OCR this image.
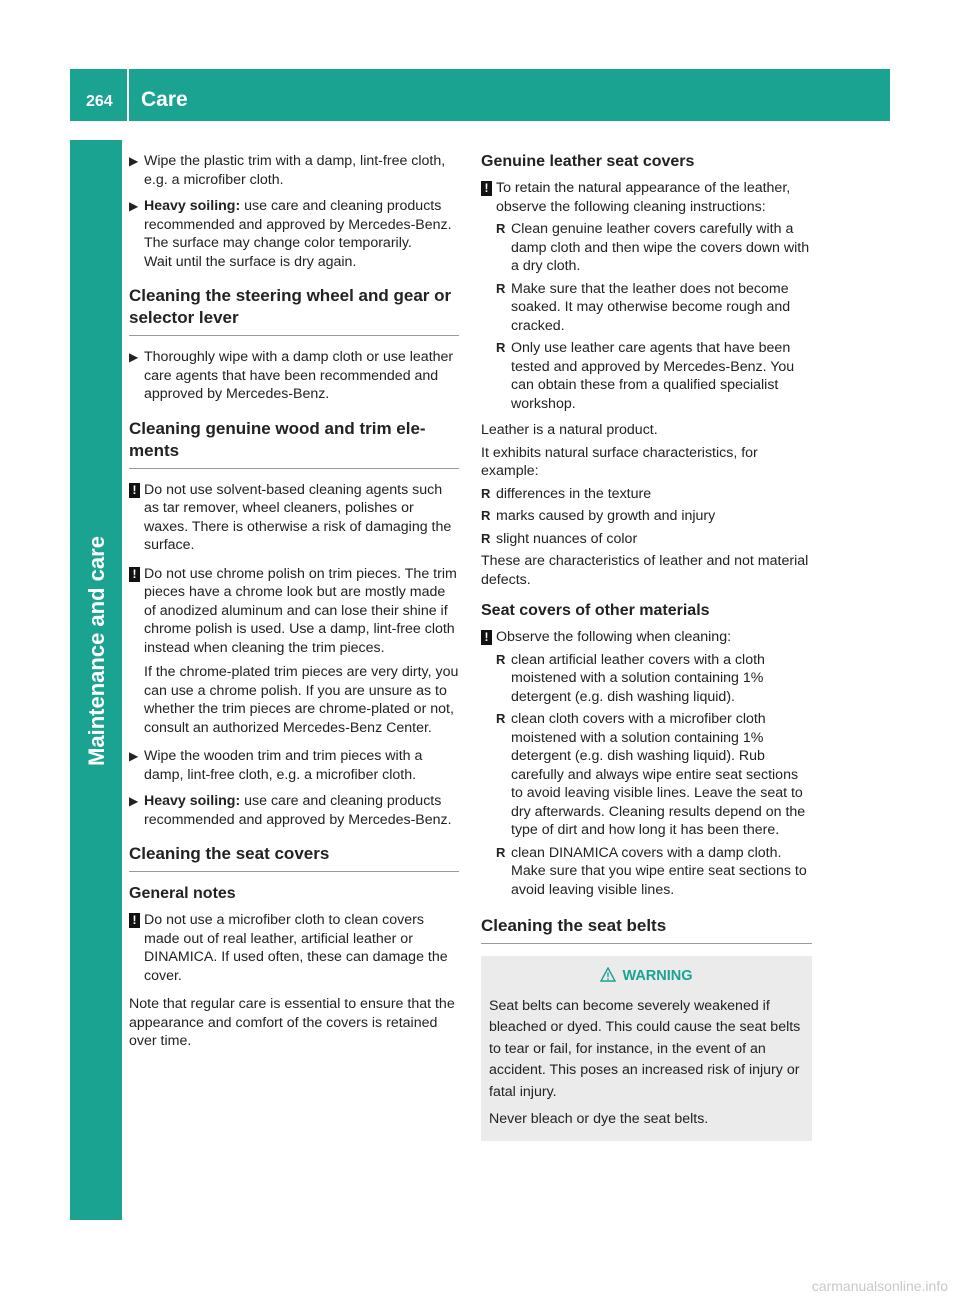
264 Care
Maintenance and care
▶ Wipe the plastic trim with a damp, lint-free cloth, e.g. a microfiber cloth.

▶ Heavy soiling: use care and cleaning products recommended and approved by Mercedes-Benz.

The surface may change color temporarily.

Wait until the surface is dry again.

Cleaning the steering wheel and gear or selector lever
▶ Thoroughly wipe with a damp cloth or use leather care agents that have been recommended and approved by Mercedes-Benz.

Cleaning genuine wood and trim elements
! Do not use solvent-based cleaning agents such as tar remover, wheel cleaners, polishes or waxes. There is otherwise a risk of damaging the surface.

! Do not use chrome polish on trim pieces. The trim pieces have a chrome look but are mostly made of anodized aluminum and can lose their shine if chrome polish is used. Use a damp, lint-free cloth instead when cleaning the trim pieces.

If the chrome-plated trim pieces are very dirty, you can use a chrome polish. If you are unsure as to whether the trim pieces are chrome-plated or not, consult an authorized Mercedes-Benz Center.

▶ Wipe the wooden trim and trim pieces with a damp, lint-free cloth, e.g. a microfiber cloth.

▶ Heavy soiling: use care and cleaning products recommended and approved by Mercedes-Benz.

Cleaning the seat covers
General notes
! Do not use a microfiber cloth to clean covers made out of real leather, artificial leather or DINAMICA. If used often, these can damage the cover.

Note that regular care is essential to ensure that the appearance and comfort of the covers is retained over time.

Genuine leather seat covers
! To retain the natural appearance of the leather, observe the following cleaning instructions:

R Clean genuine leather covers carefully with a damp cloth and then wipe the covers down with a dry cloth.

R Make sure that the leather does not become soaked. It may otherwise become rough and cracked.

R Only use leather care agents that have been tested and approved by Mercedes-Benz. You can obtain these from a qualified specialist workshop.

Leather is a natural product.

It exhibits natural surface characteristics, for example:

R differences in the texture

R marks caused by growth and injury

R slight nuances of color

These are characteristics of leather and not material defects.

Seat covers of other materials
! Observe the following when cleaning:

R clean artificial leather covers with a cloth moistened with a solution containing 1% detergent (e.g. dish washing liquid).

R clean cloth covers with a microfiber cloth moistened with a solution containing 1% detergent (e.g. dish washing liquid). Rub carefully and always wipe entire seat sections to avoid leaving visible lines. Leave the seat to dry afterwards. Cleaning results depend on the type of dirt and how long it has been there.

R clean DINAMICA covers with a damp cloth. Make sure that you wipe entire seat sections to avoid leaving visible lines.

Cleaning the seat belts
WARNING

Seat belts can become severely weakened if bleached or dyed. This could cause the seat belts to tear or fail, for instance, in the event of an accident. This poses an increased risk of injury or fatal injury.

Never bleach or dye the seat belts.

carmanualsonline.info
